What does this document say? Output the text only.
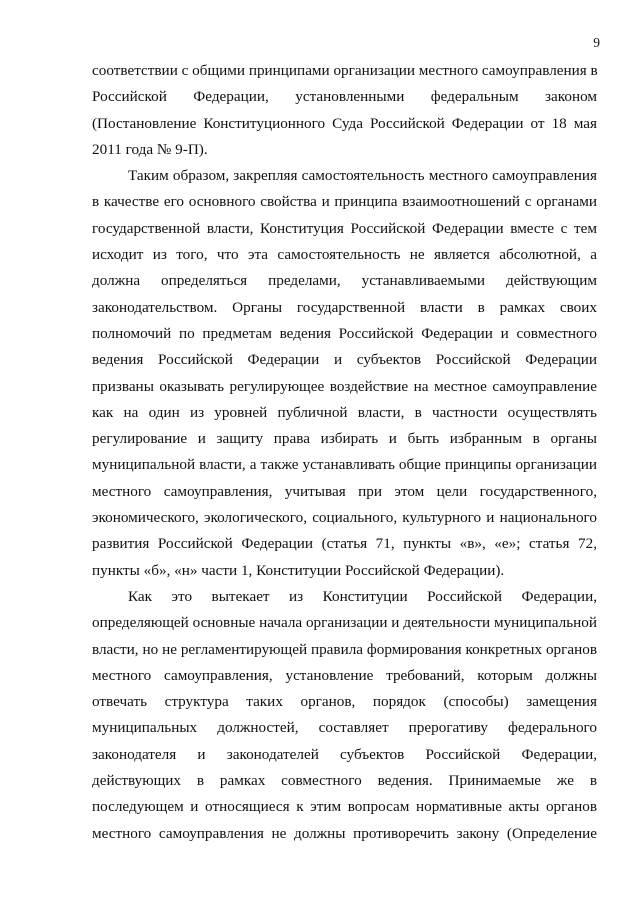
9
соответствии с общими принципами организации местного самоуправления в
Российской Федерации, установленными федеральным законом
(Постановление Конституционного Суда Российской Федерации от 18 мая
2011 года № 9-П).
Таким образом, закрепляя самостоятельность местного самоуправления
в качестве его основного свойства и принципа взаимоотношений с органами
государственной власти, Конституция Российской Федерации вместе с тем
исходит из того, что эта самостоятельность не является абсолютной, а
должна определяться пределами, устанавливаемыми действующим
законодательством. Органы государственной власти в рамках своих
полномочий по предметам ведения Российской Федерации и совместного
ведения Российской Федерации и субъектов Российской Федерации
призваны оказывать регулирующее воздействие на местное самоуправление
как на один из уровней публичной власти, в частности осуществлять
регулирование и защиту права избирать и быть избранным в органы
муниципальной власти, а также устанавливать общие принципы организации
местного самоуправления, учитывая при этом цели государственного,
экономического, экологического, социального, культурного и национального
развития Российской Федерации (статья 71, пункты «в», «е»; статья 72,
пункты «б», «н» части 1, Конституции Российской Федерации).
Как это вытекает из Конституции Российской Федерации,
определяющей основные начала организации и деятельности муниципальной
власти, но не регламентирующей правила формирования конкретных органов
местного самоуправления, установление требований, которым должны
отвечать структура таких органов, порядок (способы) замещения
муниципальных должностей, составляет прерогативу федерального
законодателя и законодателей субъектов Российской Федерации,
действующих в рамках совместного ведения. Принимаемые же в
последующем и относящиеся к этим вопросам нормативные акты органов
местного самоуправления не должны противоречить закону (Определение
